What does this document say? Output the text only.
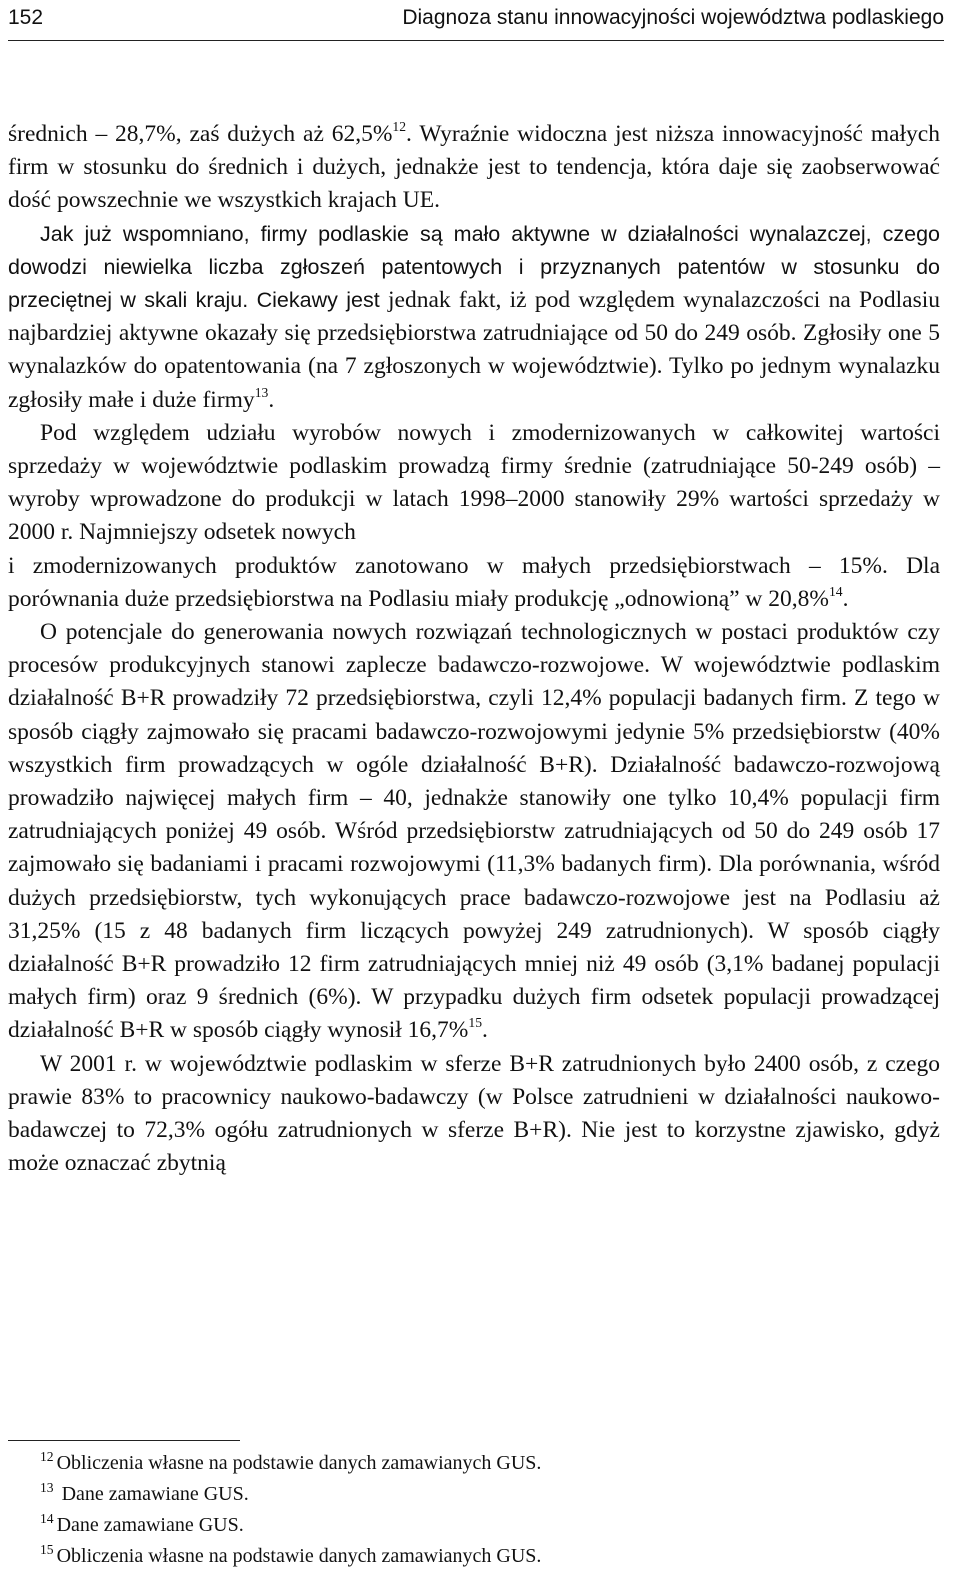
152	Diagnoza stanu innowacyjności województwa podlaskiego

średnich – 28,7%, zaś dużych aż 62,5%$^{12}$. Wyraźnie widoczna jest niższa innowacyjność małych firm w stosunku do średnich i dużych, jednakże jest to tendencja, która daje się zaobserwować dość powszechnie we wszystkich krajach UE.

Jak już wspomniano, firmy podlaskie są mało aktywne w działalności wynalazczej, czego dowodzi niewielka liczba zgłoszeń patentowych i przyznanych patentów w stosunku do przeciętnej w skali kraju. Ciekawy jest jednak fakt, iż pod względem wynalazczości na Podlasiu najbardziej aktywne okazały się przedsiębiorstwa zatrudniające od 50 do 249 osób. Zgłosiły one 5 wynalazków do opatentowania (na 7 zgłoszonych w województwie). Tylko po jednym wynalazku zgłosiły małe i duże firmy$^{13}$.

Pod względem udziału wyrobów nowych i zmodernizowanych w całkowitej wartości sprzedaży w województwie podlaskim prowadzą firmy średnie (zatrudniające 50-249 osób) – wyroby wprowadzone do produkcji w latach 1998–2000 stanowiły 29% wartości sprzedaży w 2000 r. Najmniejszy odsetek nowych
i zmodernizowanych produktów zanotowano w małych przedsiębiorstwach – 15%. Dla porównania duże przedsiębiorstwa na Podlasiu miały produkcję „odnowioną” w 20,8%$^{14}$.

O potencjale do generowania nowych rozwiązań technologicznych w postaci produktów czy procesów produkcyjnych stanowi zaplecze badawczo-rozwojowe. W województwie podlaskim działalność B+R prowadziły 72 przedsiębiorstwa, czyli 12,4% populacji badanych firm. Z tego w sposób ciągły zajmowało się pracami badawczo-rozwojowymi jedynie 5% przedsiębiorstw (40% wszystkich firm prowadzących w ogóle działalność B+R). Działalność badawczo-rozwojową prowadziło najwięcej małych firm – 40, jednakże stanowiły one tylko 10,4% populacji firm zatrudniających poniżej 49 osób. Wśród przedsiębiorstw zatrudniających od 50 do 249 osób 17 zajmowało się badaniami i pracami rozwojowymi (11,3% badanych firm). Dla porównania, wśród dużych przedsiębiorstw, tych wykonujących prace badawczo-rozwojowe jest na Podlasiu aż 31,25% (15 z 48 badanych firm liczących powyżej 249 zatrudnionych). W sposób ciągły działalność B+R prowadziło 12 firm zatrudniających mniej niż 49 osób (3,1% badanej populacji małych firm) oraz 9 średnich (6%). W przypadku dużych firm odsetek populacji prowadzącej działalność B+R w sposób ciągły wynosił 16,7%$^{15}$.

W 2001 r. w województwie podlaskim w sferze B+R zatrudnionych było 2400 osób, z czego prawie 83% to pracownicy naukowo-badawczy (w Polsce zatrudnieni w działalności naukowo-badawczej to 72,3% ogółu zatrudnionych w sferze B+R). Nie jest to korzystne zjawisko, gdyż może oznaczać zbytnią

$^{12}$ Obliczenia własne na podstawie danych zamawianych GUS.

$^{13}$ Dane zamawiane GUS.

$^{14}$ Dane zamawiane GUS.

$^{15}$ Obliczenia własne na podstawie danych zamawianych GUS.
